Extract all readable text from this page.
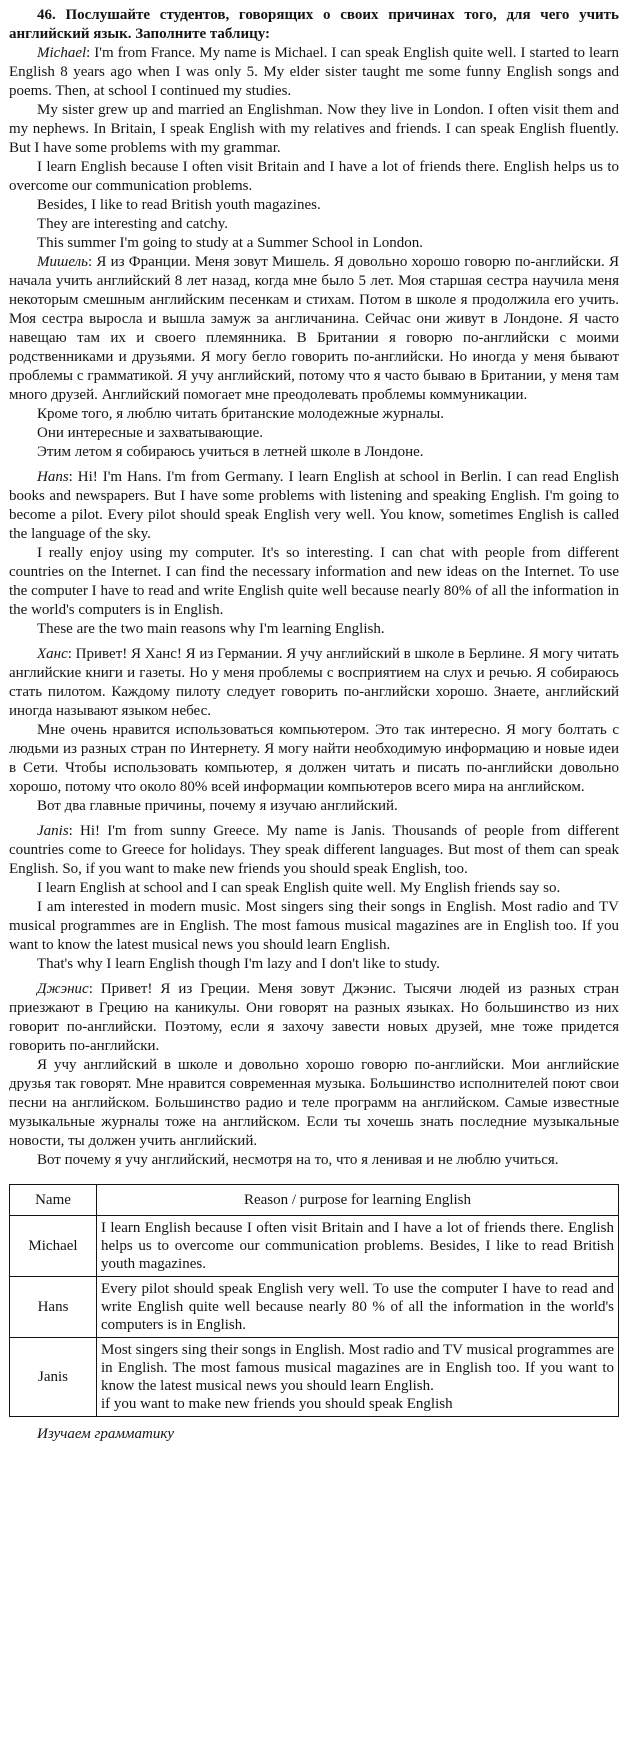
46. Послушайте студентов, говорящих о своих причинах того, для чего учить английский язык. Заполните таблицу:

Michael: I'm from France. My name is Michael. I can speak English quite well. I started to learn English 8 years ago when I was only 5. My elder sister taught me some funny English songs and poems. Then, at school I continued my studies.

My sister grew up and married an Englishman. Now they live in London. I often visit them and my nephews. In Britain, I speak English with my relatives and friends. I can speak English fluently. But I have some problems with my grammar.

I learn English because I often visit Britain and I have a lot of friends there. English helps us to overcome our communication problems.

Besides, I like to read British youth magazines.

They are interesting and catchy.

This summer I'm going to study at a Summer School in London.

Мишель: Я из Франции. Меня зовут Мишель. Я довольно хорошо говорю по-английски. Я начала учить английский 8 лет назад, когда мне было 5 лет. Моя старшая сестра научила меня некоторым смешным английским песенкам и стихам. Потом в школе я продолжила его учить. Моя сестра выросла и вышла замуж за англичанина. Сейчас они живут в Лондоне. Я часто навещаю там их и своего племянника. В Британии я говорю по-английски с моими родственниками и друзьями. Я могу бегло говорить по-английски. Но иногда у меня бывают проблемы с грамматикой. Я учу английский, потому что я часто бываю в Британии, у меня там много друзей. Английский помогает мне преодолевать проблемы коммуникации.

Кроме того, я люблю читать британские молодежные журналы.

Они интересные и захватывающие.

Этим летом я собираюсь учиться в летней школе в Лондоне.

Hans: Hi! I'm Hans. I'm from Germany. I learn English at school in Berlin. I can read English books and newspapers. But I have some problems with listening and speaking English. I'm going to become a pilot. Every pilot should speak English very well. You know, sometimes English is called the language of the sky.

I really enjoy using my computer. It's so interesting. I can chat with people from different countries on the Internet. I can find the necessary information and new ideas on the Internet. To use the computer I have to read and write English quite well because nearly 80% of all the information in the world's computers is in English.

These are the two main reasons why I'm learning English.

Ханс: Привет! Я Ханс! Я из Германии. Я учу английский в школе в Берлине. Я могу читать английские книги и газеты. Но у меня проблемы с восприятием на слух и речью. Я собираюсь стать пилотом. Каждому пилоту следует говорить по-английски хорошо. Знаете, английский иногда называют языком небес.

Мне очень нравится использоваться компьютером. Это так интересно. Я могу болтать с людьми из разных стран по Интернету. Я могу найти необходимую информацию и новые идеи в Сети. Чтобы использовать компьютер, я должен читать и писать по-английски довольно хорошо, потому что около 80% всей информации компьютеров всего мира на английском.

Вот два главные причины, почему я изучаю английский.

Janis: Hi! I'm from sunny Greece. My name is Janis. Thousands of people from different countries come to Greece for holidays. They speak different languages. But most of them can speak English. So, if you want to make new friends you should speak English, too.

I learn English at school and I can speak English quite well. My English friends say so.

I am interested in modern music. Most singers sing their songs in English. Most radio and TV musical programmes are in English. The most famous musical magazines are in English too. If you want to know the latest musical news you should learn English.

That's why I learn English though I'm lazy and I don't like to study.

Джэнис: Привет! Я из Греции. Меня зовут Джэнис. Тысячи людей из разных стран приезжают в Грецию на каникулы. Они говорят на разных языках. Но большинство из них говорит по-английски. Поэтому, если я захочу завести новых друзей, мне тоже придется говорить по-английски.

Я учу английский в школе и довольно хорошо говорю по-английски. Мои английские друзья так говорят. Мне нравится современная музыка. Большинство исполнителей поют свои песни на английском. Большинство радио и теле программ на английском. Самые известные музыкальные журналы тоже на английском. Если ты хочешь знать последние музыкальные новости, ты должен учить английский.

Вот почему я учу английский, несмотря на то, что я ленивая и не люблю учиться.

Name	Reason / purpose for learning English
Michael	I learn English because I often visit Britain and I have a lot of friends there. English helps us to overcome our communication problems. Besides, I like to read British youth magazines.
Hans	Every pilot should speak English very well. To use the computer I have to read and write English quite well because nearly 80 % of all the information in the world's computers is in English.
Janis	Most singers sing their songs in English. Most radio and TV musical programmes are in English. The most famous musical magazines are in English too. If you want to know the latest musical news you should learn English.
if you want to make new friends you should speak English
Изучаем грамматику
